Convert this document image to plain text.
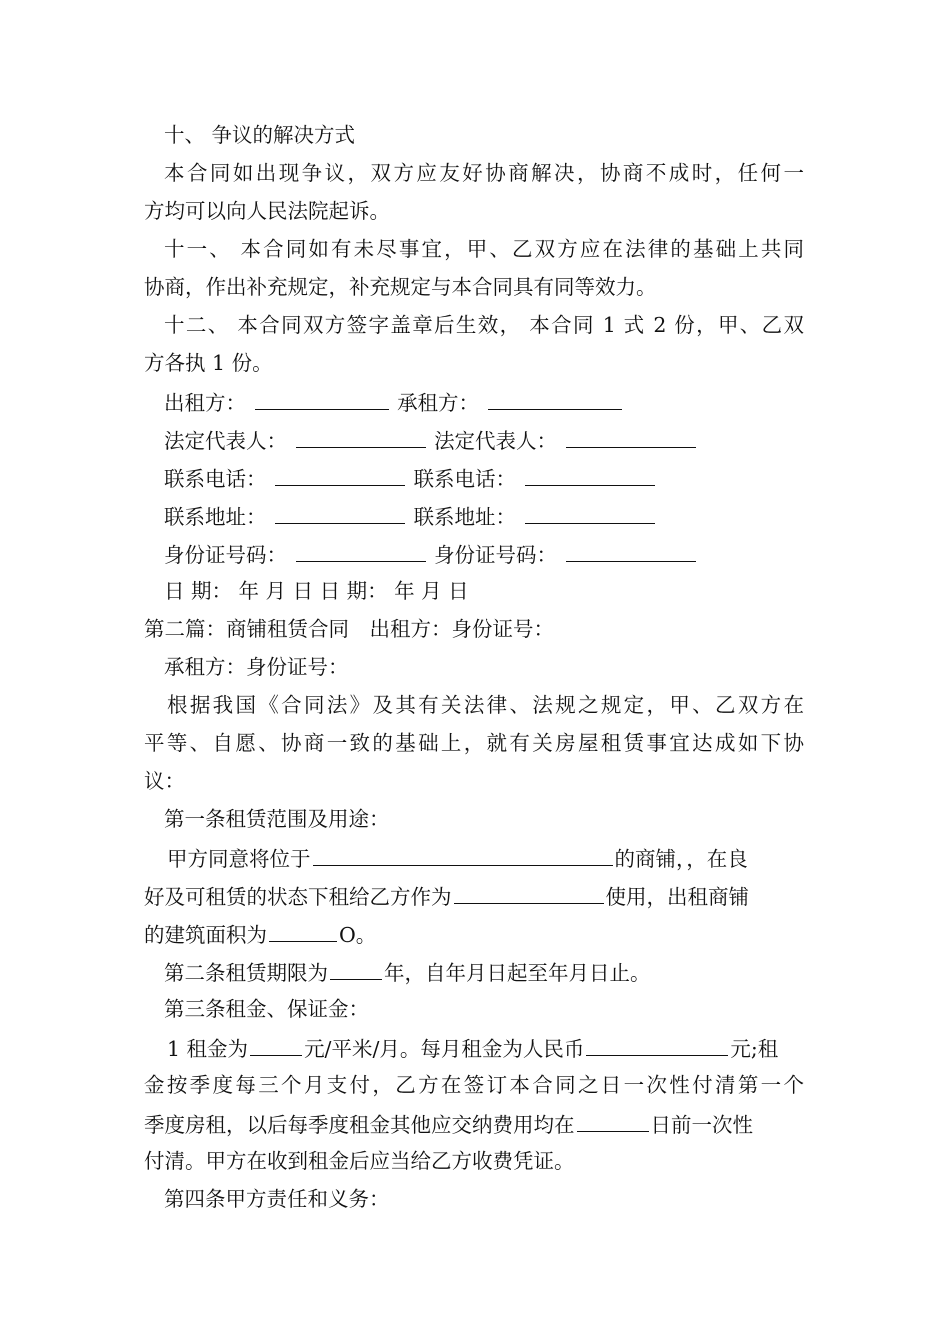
十、 争议的解决方式
本合同如出现争议，双方应友好协商解决，协商不成时，任何一
方均可以向人民法院起诉。
十一、 本合同如有未尽事宜，甲、乙双方应在法律的基础上共同
协商，作出补充规定，补充规定与本合同具有同等效力。
十二、 本合同双方签字盖章后生效， 本合同 1 式 2 份，甲、乙双
方各执 1 份。
出租方：	承租方：
法定代表人：	法定代表人：
联系电话：	联系电话：
联系地址：	联系地址：
身份证号码：	身份证号码：
日 期： 年 月 日 日 期： 年 月 日
第二篇：商铺租赁合同　出租方：身份证号：
承租方：身份证号：
根据我国《合同法》及其有关法律、法规之规定，甲、乙双方在
平等、自愿、协商一致的基础上，就有关房屋租赁事宜达成如下协
议：
第一条租赁范围及用途：
甲方同意将位于	的商铺，，在良
好及可租赁的状态下租给乙方作为	使用，出租商铺
的建筑面积为	O。
第二条租赁期限为	年，自年月日起至年月日止。
第三条租金、保证金：
1 租金为	元/平米/月。每月租金为人民币	元;租
金按季度每三个月支付，乙方在签订本合同之日一次性付清第一个
季度房租，以后每季度租金其他应交纳费用均在	日前一次性
付清。甲方在收到租金后应当给乙方收费凭证。
第四条甲方责任和义务：
